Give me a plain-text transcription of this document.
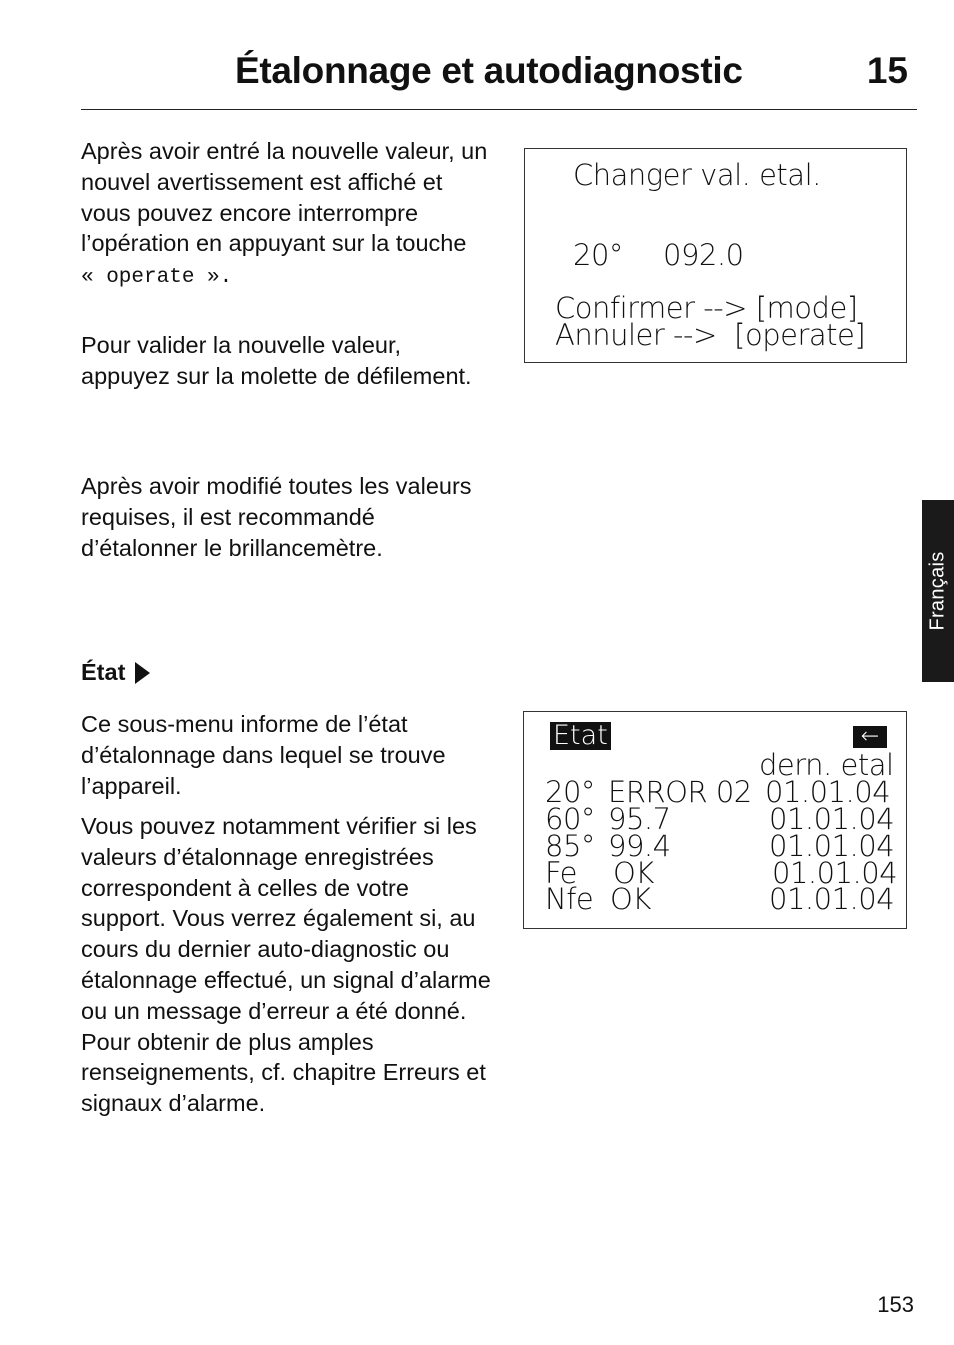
Étalonnage et autodiagnostic	15

Après avoir entré la nouvelle valeur, un nouvel avertissement est affiché et vous pouvez encore interrompre l’opération en appuyant sur la touche
« operate ».

Pour valider la nouvelle valeur, appuyez sur la molette de défilement.

Après avoir modifié toutes les valeurs requises, il est recommandé d’étalonner le brillancemètre.

État

Ce sous-menu informe de l’état d’étalonnage dans lequel se trouve l’appareil.

Vous pouvez notamment vérifier si les valeurs d’étalonnage enregistrées correspondent à celles de votre support. Vous verrez également si, au cours du dernier auto-diagnostic ou étalonnage effectué, un signal d’alarme ou un message d’erreur a été donné. Pour obtenir de plus amples renseignements, cf. chapitre Erreurs et signaux d’alarme.

Changer val. etal.
20° 092.0
Confirmer --> [mode]
Annuler -->  [operate]
Etat	←
dern. etal
20° ERROR 02 01.01.04
60° 95.7	01.01.04
85° 99.4	01.01.04
Fe OK	01.01.04
Nfe OK	01.01.04
Français
153
